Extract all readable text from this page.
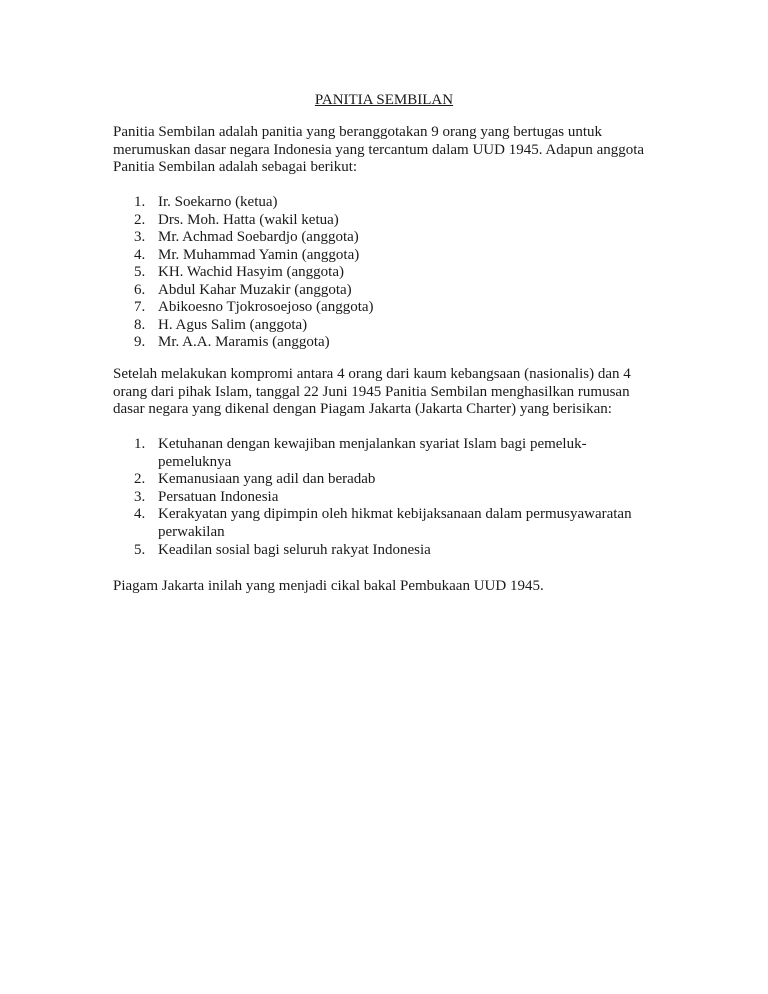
PANITIA SEMBILAN
Panitia Sembilan adalah panitia yang beranggotakan 9 orang yang bertugas untuk
merumuskan dasar negara Indonesia yang tercantum dalam UUD 1945. Adapun anggota
Panitia Sembilan adalah sebagai berikut:
1. Ir. Soekarno (ketua)
2. Drs. Moh. Hatta (wakil ketua)
3. Mr. Achmad Soebardjo (anggota)
4. Mr. Muhammad Yamin (anggota)
5. KH. Wachid Hasyim (anggota)
6. Abdul Kahar Muzakir (anggota)
7. Abikoesno Tjokrosoejoso (anggota)
8. H. Agus Salim (anggota)
9. Mr. A.A. Maramis (anggota)
Setelah melakukan kompromi antara 4 orang dari kaum kebangsaan (nasionalis) dan 4
orang dari pihak Islam, tanggal 22 Juni 1945 Panitia Sembilan menghasilkan rumusan
dasar negara yang dikenal dengan Piagam Jakarta (Jakarta Charter) yang berisikan:
1. Ketuhanan dengan kewajiban menjalankan syariat Islam bagi pemeluk-
pemeluknya
2. Kemanusiaan yang adil dan beradab
3. Persatuan Indonesia
4. Kerakyatan yang dipimpin oleh hikmat kebijaksanaan dalam permusyawaratan
perwakilan
5. Keadilan sosial bagi seluruh rakyat Indonesia
Piagam Jakarta inilah yang menjadi cikal bakal Pembukaan UUD 1945.
